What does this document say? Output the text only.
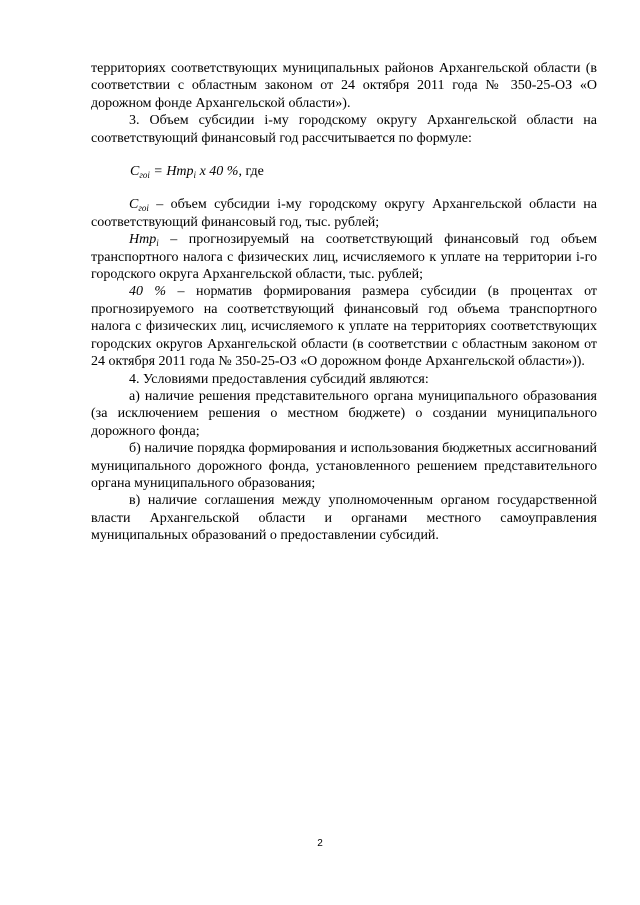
территориях соответствующих муниципальных районов Архангельской области (в соответствии с областным законом от 24 октября 2011 года № 350-25-ОЗ «О дорожном фонде Архангельской области»).

3. Объем субсидии i-му городскому округу Архангельской области на соответствующий финансовый год рассчитывается по формуле:

$С_{гоi} = Нтр_i$ х 40 %, где

$С_{гоi}$ – объем субсидии i-му городскому округу Архангельской области на соответствующий финансовый год, тыс. рублей;

Нтр$_i$ – прогнозируемый на соответствующий финансовый год объем транспортного налога с физических лиц, исчисляемого к уплате на территории i-го городского округа Архангельской области, тыс. рублей;

40 % – норматив формирования размера субсидии (в процентах от прогнозируемого на соответствующий финансовый год объема транспортного налога с физических лиц, исчисляемого к уплате на территориях соответствующих городских округов Архангельской области (в соответствии с областным законом от 24 октября 2011 года № 350-25-ОЗ «О дорожном фонде Архангельской области»)).

4. Условиями предоставления субсидий являются:

а) наличие решения представительного органа муниципального образования (за исключением решения о местном бюджете) о создании муниципального дорожного фонда;

б) наличие порядка формирования и использования бюджетных ассигнований муниципального дорожного фонда, установленного решением представительного органа муниципального образования;

в) наличие соглашения между уполномоченным органом государственной власти Архангельской области и органами местного самоуправления муниципальных образований о предоставлении субсидий.

2
